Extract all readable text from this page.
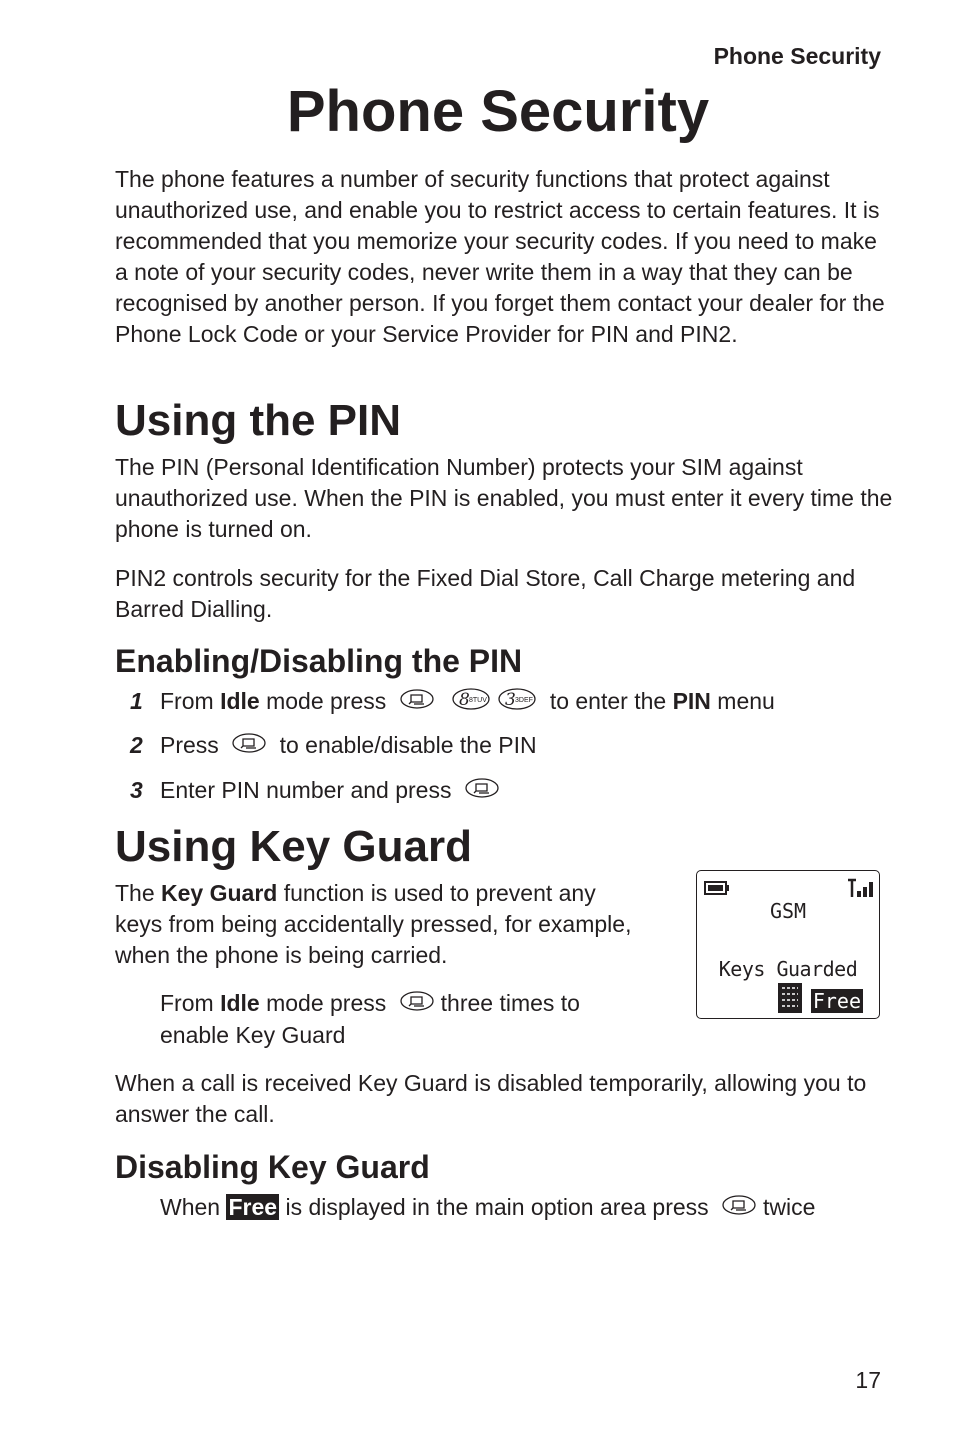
Phone Security
Phone Security
The phone features a number of security functions that protect against unauthorized use, and enable you to restrict access to certain features. It is recommended that you memorize your security codes. If you need to make a note of your security codes, never write them in a way that they can be recognised by another person. If you forget them contact your dealer for the Phone Lock Code or your Service Provider for PIN and PIN2.
Using the PIN
The PIN (Personal Identification Number) protects your SIM against unauthorized use. When the PIN is enabled, you must enter it every time the phone is turned on.
PIN2 controls security for the Fixed Dial Store, Call Charge metering and Barred Dialling.
Enabling/Disabling the PIN
1 From Idle mode press	8 8TUV
3 3DEF to enter the PIN menu
2 Press	to enable/disable the PIN
3 Enter PIN number and press
Using Key Guard
The Key Guard function is used to prevent any
keys from being accidentally pressed, for example,
when the phone is being carried.
From Idle mode press three times to
enable Key Guard
GSM
Keys Guarded
Free
When a call is received Key Guard is disabled temporarily, allowing you to answer the call.
Disabling Key Guard
When Free is displayed in the main option area press twice
17
